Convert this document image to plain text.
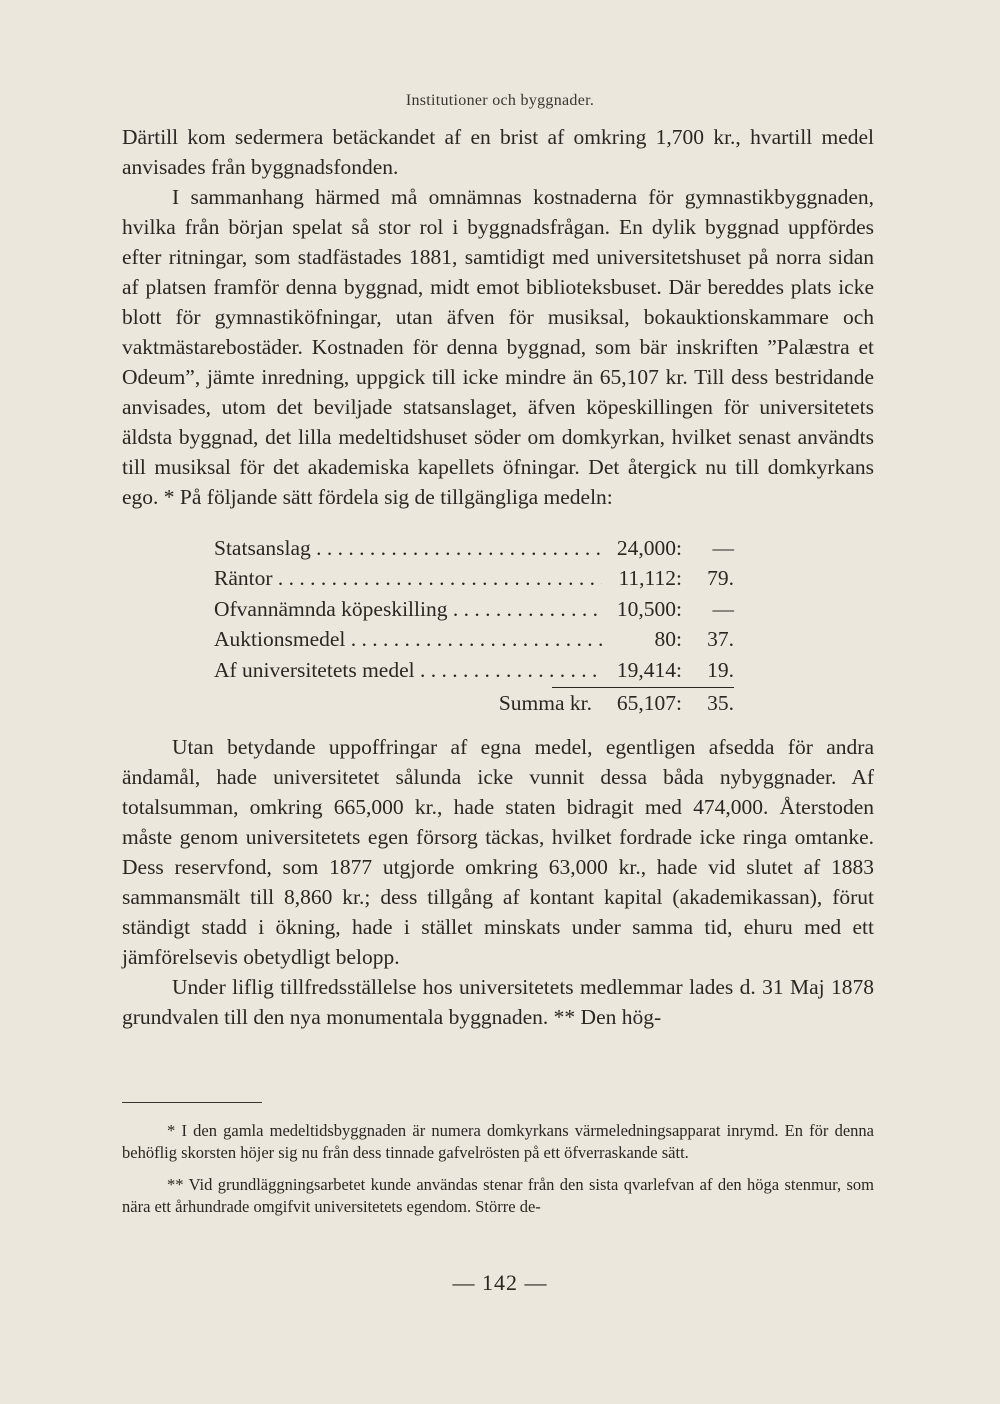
Institutioner och byggnader.

Därtill kom sedermera betäckandet af en brist af omkring 1,700 kr., hvartill medel anvisades från byggnadsfonden.

I sammanhang härmed må omnämnas kostnaderna för gymnastikbyggnaden, hvilka från början spelat så stor rol i byggnadsfrågan. En dylik byggnad uppfördes efter ritningar, som stadfästades 1881, samtidigt med universitetshuset på norra sidan af platsen framför denna byggnad, midt emot biblioteksbuset. Där bereddes plats icke blott för gymnastiköfningar, utan äfven för musiksal, bokauktionskammare och vaktmästarebostäder. Kostnaden för denna byggnad, som bär inskriften ”Palæstra et Odeum”, jämte inredning, uppgick till icke mindre än 65,107 kr. Till dess bestridande anvisades, utom det beviljade statsanslaget, äfven köpeskillingen för universitetets äldsta byggnad, det lilla medeltidshuset söder om domkyrkan, hvilket senast användts till musiksal för det akademiska kapellets öfningar. Det återgick nu till domkyrkans ego. * På följande sätt fördela sig de tillgängliga medeln:

Statsanslag . . .	24,000:	—
Räntor . . .	11,112:	79.
Ofvannämnda köpeskilling . . .	10,500:	—
Auktionsmedel . . .	80:	37.
Af universitetets medel . . .	19,414:	19.
Summa kr.	65,107:	35.

Utan betydande uppoffringar af egna medel, egentligen afsedda för andra ändamål, hade universitetet sålunda icke vunnit dessa båda nybyggnader. Af totalsumman, omkring 665,000 kr., hade staten bidragit med 474,000. Återstoden måste genom universitetets egen försorg täckas, hvilket fordrade icke ringa omtanke. Dess reservfond, som 1877 utgjorde omkring 63,000 kr., hade vid slutet af 1883 sammansmält till 8,860 kr.; dess tillgång af kontant kapital (akademikassan), förut ständigt stadd i ökning, hade i stället minskats under samma tid, ehuru med ett jämförelsevis obetydligt belopp.

Under liflig tillfredsställelse hos universitetets medlemmar lades d. 31 Maj 1878 grundvalen till den nya monumentala byggnaden. ** Den hög-

* I den gamla medeltidsbyggnaden är numera domkyrkans värmeledningsapparat inrymd. En för denna behöflig skorsten höjer sig nu från dess tinnade gafvelrösten på ett öfverraskande sätt.

** Vid grundläggningsarbetet kunde användas stenar från den sista qvarlefvan af den höga stenmur, som nära ett århundrade omgifvit universitetets egendom. Större de-

— 142 —
